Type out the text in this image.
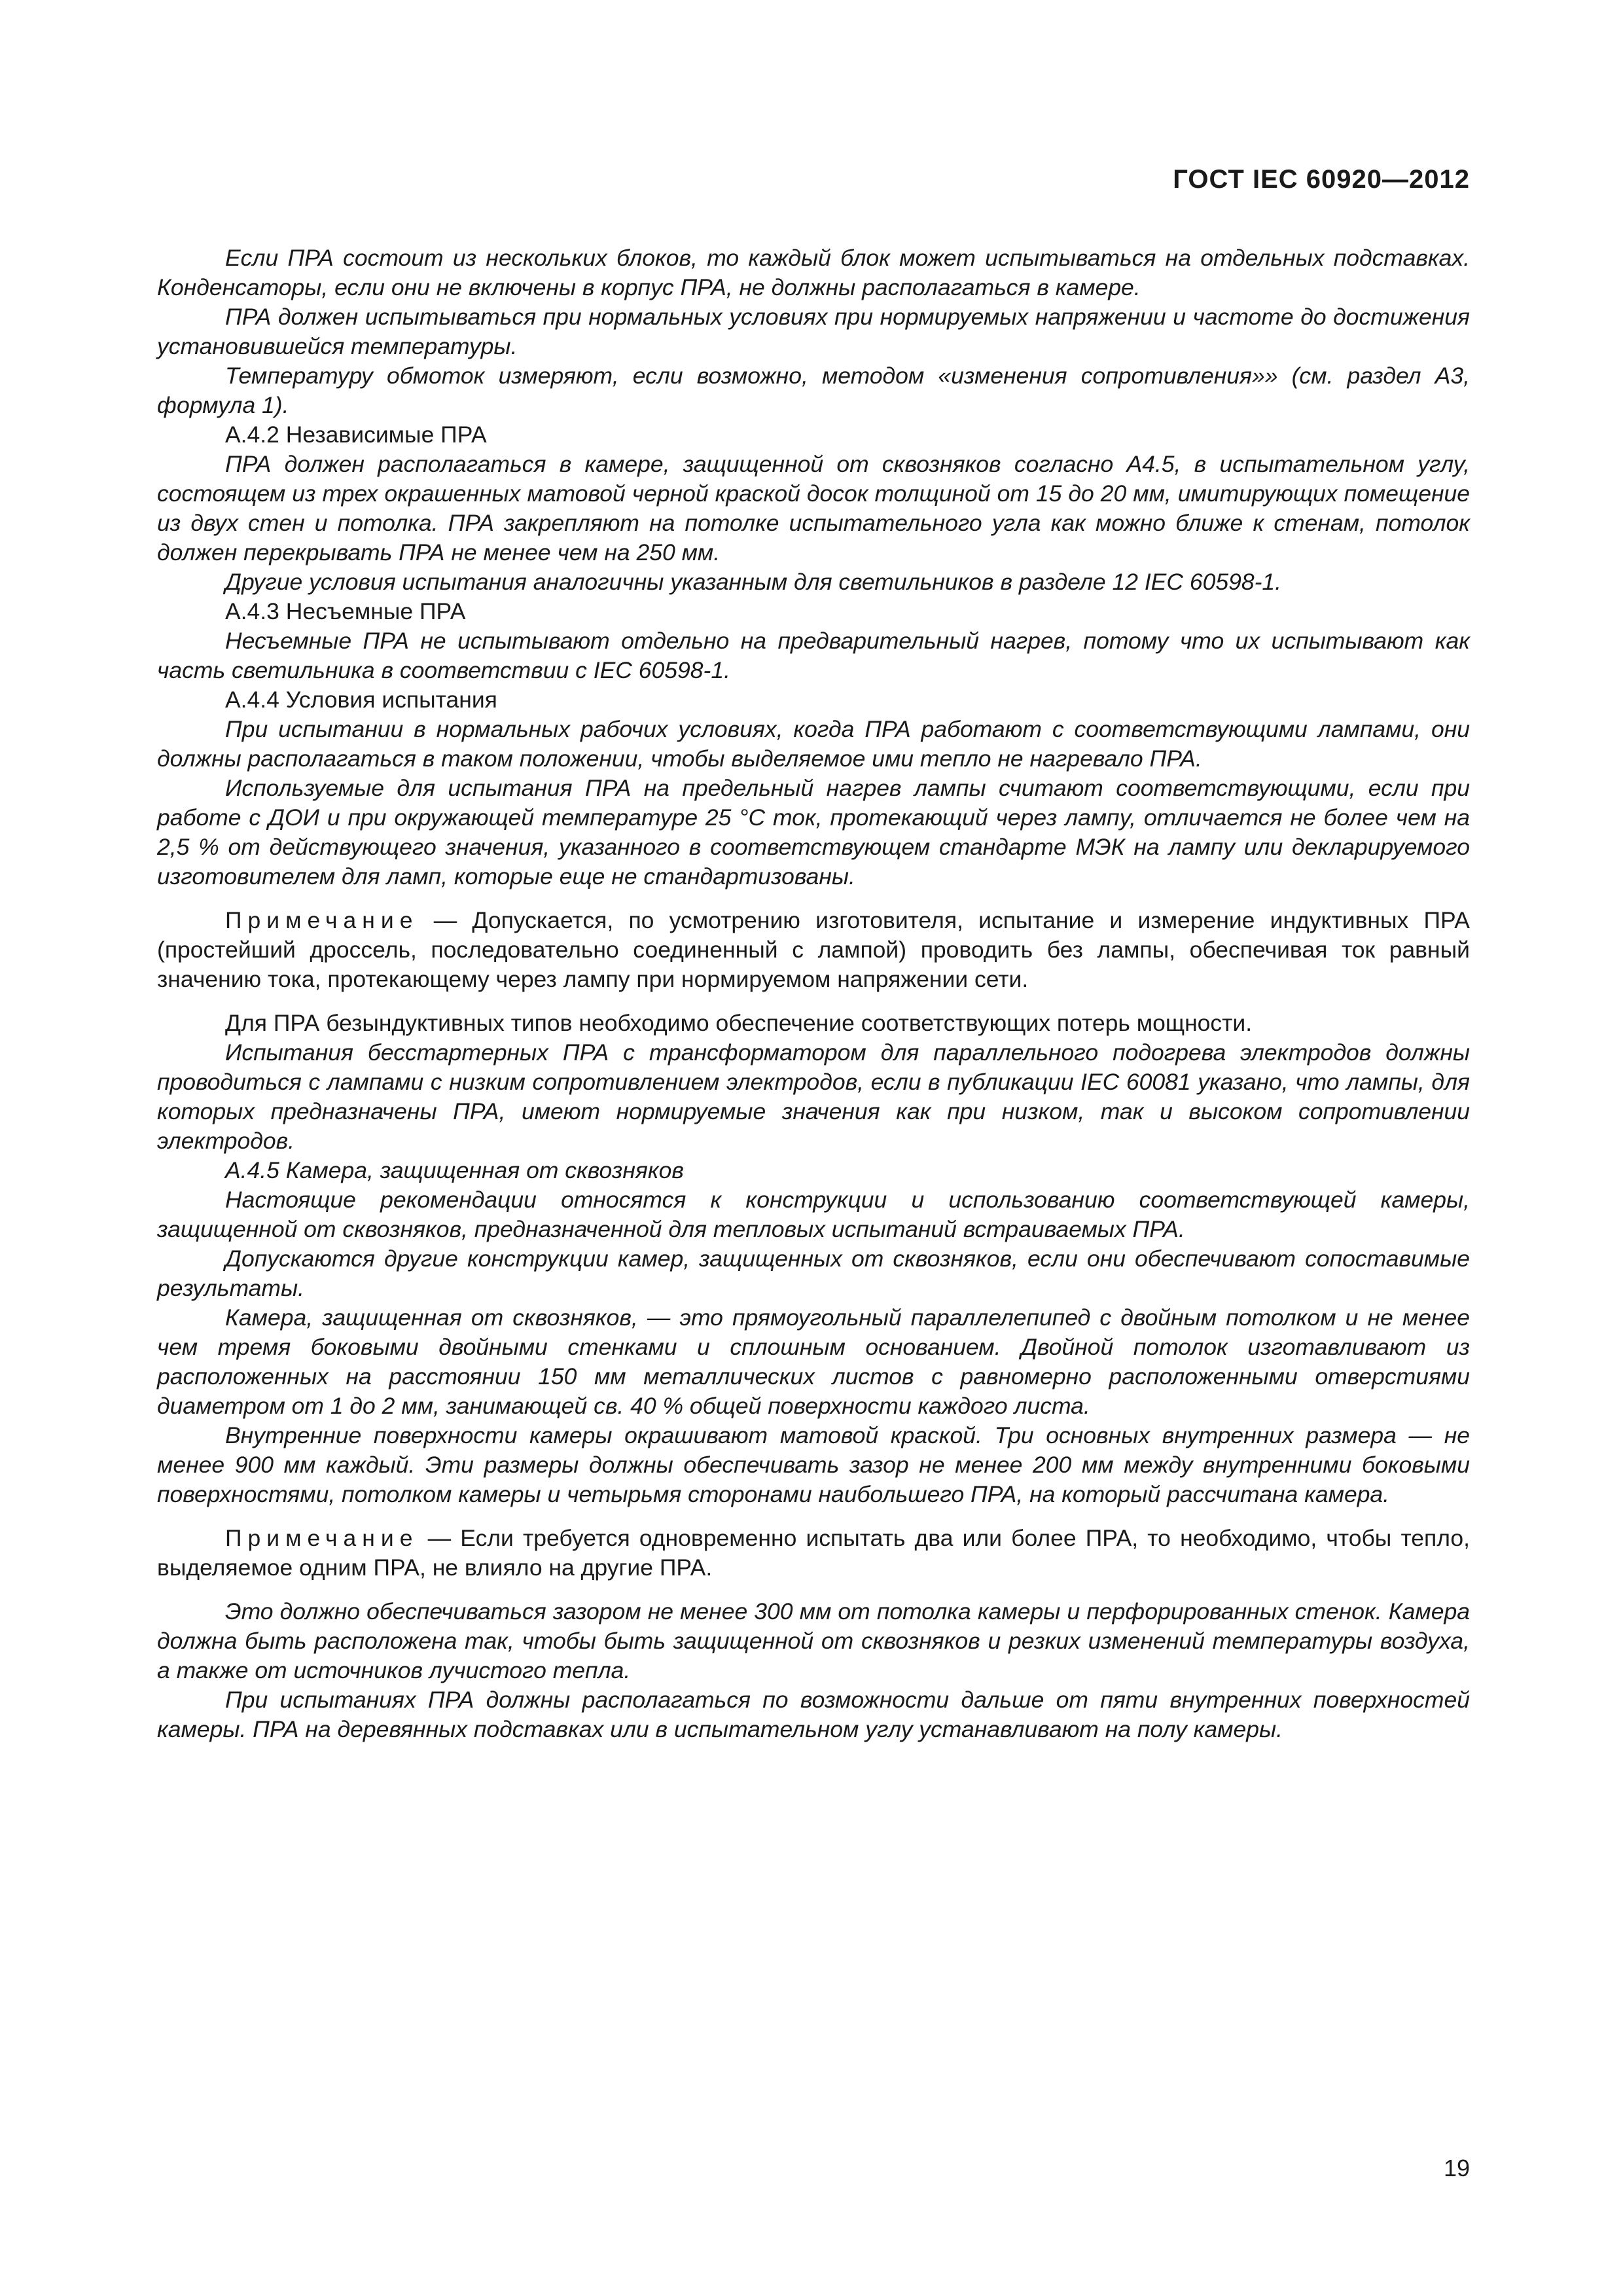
ГОСТ IEC 60920—2012

Если ПРА состоит из нескольких блоков, то каждый блок может испытываться на отдельных подставках. Конденсаторы, если они не включены в корпус ПРА, не должны располагаться в камере.

ПРА должен испытываться при нормальных условиях при нормируемых напряжении и частоте до достижения установившейся температуры.

Температуру обмоток измеряют, если возможно, методом «изменения сопротивления»» (см. раздел А3, формула 1).

А.4.2 Независимые ПРА

ПРА должен располагаться в камере, защищенной от сквозняков согласно А4.5, в испытательном углу, состоящем из трех окрашенных матовой черной краской досок толщиной от 15 до 20 мм, имитирующих помещение из двух стен и потолка. ПРА закрепляют на потолке испытательного угла как можно ближе к стенам, потолок должен перекрывать ПРА не менее чем на 250 мм.

Другие условия испытания аналогичны указанным для светильников в разделе 12 IEC 60598-1.

А.4.3 Несъемные ПРА

Несъемные ПРА не испытывают отдельно на предварительный нагрев, потому что их испытывают как часть светильника в соответствии с IEC 60598-1.

А.4.4 Условия испытания

При испытании в нормальных рабочих условиях, когда ПРА работают с соответствующими лампами, они должны располагаться в таком положении, чтобы выделяемое ими тепло не нагревало ПРА.

Используемые для испытания ПРА на предельный нагрев лампы считают соответствующими, если при работе с ДОИ и при окружающей температуре 25 °С ток, протекающий через лампу, отличается не более чем на 2,5 % от действующего значения, указанного в соответствующем стандарте МЭК на лампу или декларируемого изготовителем для ламп, которые еще не стандартизованы.

Примечание — Допускается, по усмотрению изготовителя, испытание и измерение индуктивных ПРА (простейший дроссель, последовательно соединенный с лампой) проводить без лампы, обеспечивая ток равный значению тока, протекающему через лампу при нормируемом напряжении сети.

Для ПРА безындуктивных типов необходимо обеспечение соответствующих потерь мощности.

Испытания бесстартерных ПРА с трансформатором для параллельного подогрева электродов должны проводиться с лампами с низким сопротивлением электродов, если в публикации IEC 60081 указано, что лампы, для которых предназначены ПРА, имеют нормируемые значения как при низком, так и высоком сопротивлении электродов.

А.4.5 Камера, защищенная от сквозняков

Настоящие рекомендации относятся к конструкции и использованию соответствующей камеры, защищенной от сквозняков, предназначенной для тепловых испытаний встраиваемых ПРА.

Допускаются другие конструкции камер, защищенных от сквозняков, если они обеспечивают сопоставимые результаты.

Камера, защищенная от сквозняков, — это прямоугольный параллелепипед с двойным потолком и не менее чем тремя боковыми двойными стенками и сплошным основанием. Двойной потолок изготавливают из расположенных на расстоянии 150 мм металлических листов с равномерно расположенными отверстиями диаметром от 1 до 2 мм, занимающей св. 40 % общей поверхности каждого листа.

Внутренние поверхности камеры окрашивают матовой краской. Три основных внутренних размера — не менее 900 мм каждый. Эти размеры должны обеспечивать зазор не менее 200 мм между внутренними боковыми поверхностями, потолком камеры и четырьмя сторонами наибольшего ПРА, на который рассчитана камера.

Примечание — Если требуется одновременно испытать два или более ПРА, то необходимо, чтобы тепло, выделяемое одним ПРА, не влияло на другие ПРА.

Это должно обеспечиваться зазором не менее 300 мм от потолка камеры и перфорированных стенок. Камера должна быть расположена так, чтобы быть защищенной от сквозняков и резких изменений температуры воздуха, а также от источников лучистого тепла.

При испытаниях ПРА должны располагаться по возможности дальше от пяти внутренних поверхностей камеры. ПРА на деревянных подставках или в испытательном углу устанавливают на полу камеры.

19
